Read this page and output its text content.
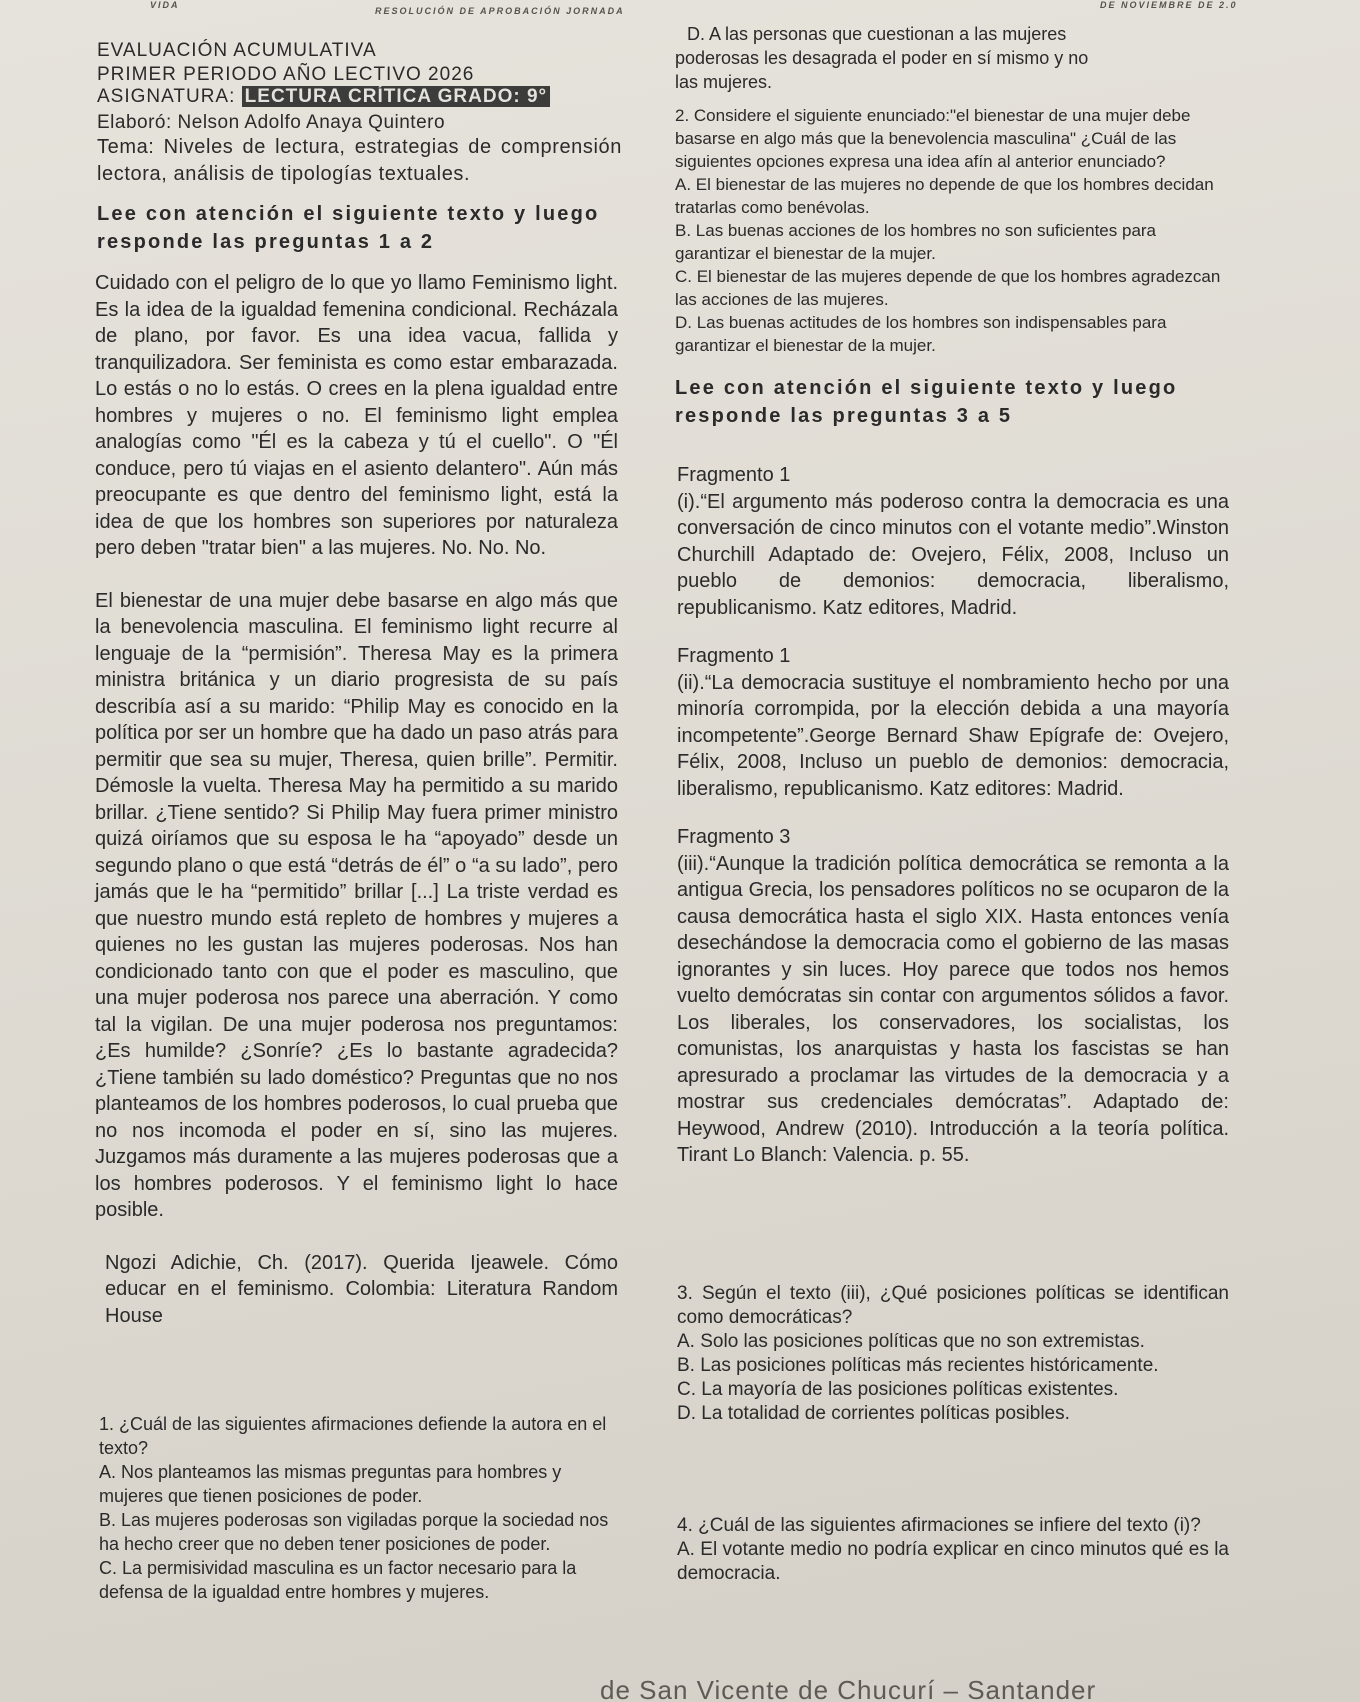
VIDA
RESOLUCIÓN DE APROBACIÓN JORNADA
DE NOVIEMBRE DE 2.0
EVALUACIÓN ACUMULATIVA
PRIMER PERIODO AÑO LECTIVO 2026
ASIGNATURA: LECTURA CRÍTICA GRADO: 9°
Elaboró: Nelson Adolfo Anaya Quintero
Tema: Niveles de lectura, estrategias de comprensión lectora, análisis de tipologías textuales.
Lee con atención el siguiente texto y luego responde las preguntas 1 a 2

Cuidado con el peligro de lo que yo llamo Feminismo light. Es la idea de la igualdad femenina condicional. Recházala de plano, por favor. Es una idea vacua, fallida y tranquilizadora. Ser feminista es como estar embarazada. Lo estás o no lo estás. O crees en la plena igualdad entre hombres y mujeres o no. El feminismo light emplea analogías como "Él es la cabeza y tú el cuello". O "Él conduce, pero tú viajas en el asiento delantero". Aún más preocupante es que dentro del feminismo light, está la idea de que los hombres son superiores por naturaleza pero deben "tratar bien" a las mujeres. No. No. No.

El bienestar de una mujer debe basarse en algo más que la benevolencia masculina. El feminismo light recurre al lenguaje de la “permisión”. Theresa May es la primera ministra británica y un diario progresista de su país describía así a su marido: “Philip May es conocido en la política por ser un hombre que ha dado un paso atrás para permitir que sea su mujer, Theresa, quien brille”. Permitir. Démosle la vuelta. Theresa May ha permitido a su marido brillar. ¿Tiene sentido? Si Philip May fuera primer ministro quizá oiríamos que su esposa le ha “apoyado” desde un segundo plano o que está “detrás de él” o “a su lado”, pero jamás que le ha “permitido” brillar [...] La triste verdad es que nuestro mundo está repleto de hombres y mujeres a quienes no les gustan las mujeres poderosas. Nos han condicionado tanto con que el poder es masculino, que una mujer poderosa nos parece una aberración. Y como tal la vigilan. De una mujer poderosa nos preguntamos: ¿Es humilde? ¿Sonríe? ¿Es lo bastante agradecida? ¿Tiene también su lado doméstico? Preguntas que no nos planteamos de los hombres poderosos, lo cual prueba que no nos incomoda el poder en sí, sino las mujeres. Juzgamos más duramente a las mujeres poderosas que a los hombres poderosos. Y el feminismo light lo hace posible.

Ngozi Adichie, Ch. (2017). Querida Ijeawele. Cómo educar en el feminismo. Colombia: Literatura Random House

1. ¿Cuál de las siguientes afirmaciones defiende la autora en el texto?

A. Nos planteamos las mismas preguntas para hombres y mujeres que tienen posiciones de poder.

B. Las mujeres poderosas son vigiladas porque la sociedad nos ha hecho creer que no deben tener posiciones de poder.

C. La permisividad masculina es un factor necesario para la defensa de la igualdad entre hombres y mujeres.

D. A las personas que cuestionan a las mujeres poderosas les desagrada el poder en sí mismo y no las mujeres.

2. Considere el siguiente enunciado:"el bienestar de una mujer debe basarse en algo más que la benevolencia masculina" ¿Cuál de las siguientes opciones expresa una idea afín al anterior enunciado?

A. El bienestar de las mujeres no depende de que los hombres decidan tratarlas como benévolas.

B. Las buenas acciones de los hombres no son suficientes para garantizar el bienestar de la mujer.

C. El bienestar de las mujeres depende de que los hombres agradezcan las acciones de las mujeres.

D. Las buenas actitudes de los hombres son indispensables para garantizar el bienestar de la mujer.

Lee con atención el siguiente texto y luego responde las preguntas 3 a 5

Fragmento 1

(i).“El argumento más poderoso contra la democracia es una conversación de cinco minutos con el votante medio”.Winston Churchill Adaptado de: Ovejero, Félix, 2008, Incluso un pueblo de demonios: democracia, liberalismo, republicanismo. Katz editores, Madrid.

Fragmento 1

(ii).“La democracia sustituye el nombramiento hecho por una minoría corrompida, por la elección debida a una mayoría incompetente”.George Bernard Shaw Epígrafe de: Ovejero, Félix, 2008, Incluso un pueblo de demonios: democracia, liberalismo, republicanismo. Katz editores: Madrid.

Fragmento 3

(iii).“Aunque la tradición política democrática se remonta a la antigua Grecia, los pensadores políticos no se ocuparon de la causa democrática hasta el siglo XIX. Hasta entonces venía desechándose la democracia como el gobierno de las masas ignorantes y sin luces. Hoy parece que todos nos hemos vuelto demócratas sin contar con argumentos sólidos a favor. Los liberales, los conservadores, los socialistas, los comunistas, los anarquistas y hasta los fascistas se han apresurado a proclamar las virtudes de la democracia y a mostrar sus credenciales demócratas”. Adaptado de: Heywood, Andrew (2010). Introducción a la teoría política. Tirant Lo Blanch: Valencia. p. 55.

3. Según el texto (iii), ¿Qué posiciones políticas se identifican como democráticas?

A. Solo las posiciones políticas que no son extremistas.

B. Las posiciones políticas más recientes históricamente.

C. La mayoría de las posiciones políticas existentes.

D. La totalidad de corrientes políticas posibles.

4. ¿Cuál de las siguientes afirmaciones se infiere del texto (i)?

A. El votante medio no podría explicar en cinco minutos qué es la democracia.

de San Vicente de Chucurí – Santander
